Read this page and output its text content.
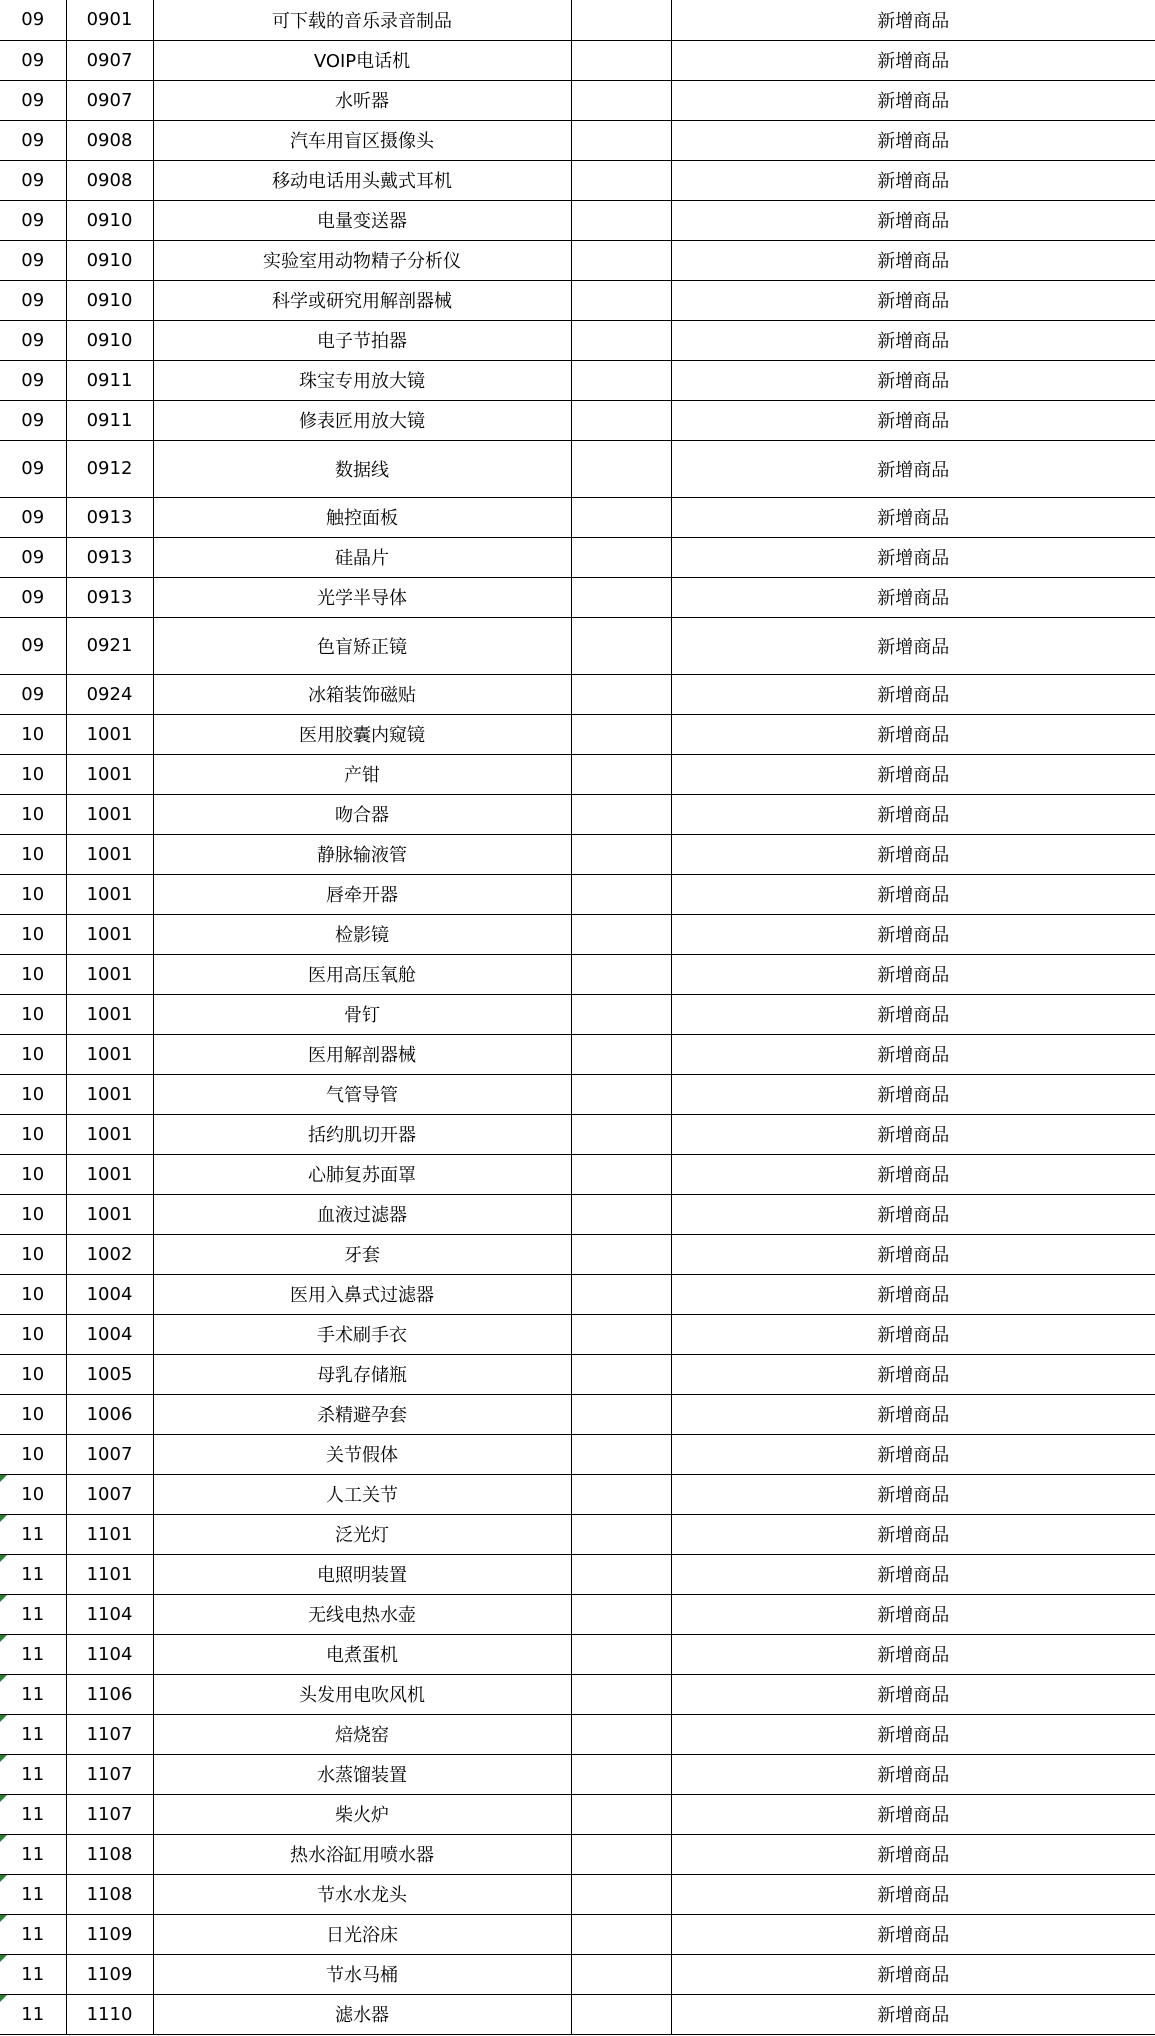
09	0901	可下载的音乐录音制品		新增商品
09	0907	VOIP电话机		新增商品
09	0907	水听器		新增商品
09	0908	汽车用盲区摄像头		新增商品
09	0908	移动电话用头戴式耳机		新增商品
09	0910	电量变送器		新增商品
09	0910	实验室用动物精子分析仪		新增商品
09	0910	科学或研究用解剖器械		新增商品
09	0910	电子节拍器		新增商品
09	0911	珠宝专用放大镜		新增商品
09	0911	修表匠用放大镜		新增商品
09	0912	数据线		新增商品
09	0913	触控面板		新增商品
09	0913	硅晶片		新增商品
09	0913	光学半导体		新增商品
09	0921	色盲矫正镜		新增商品
09	0924	冰箱装饰磁贴		新增商品
10	1001	医用胶囊内窥镜		新增商品
10	1001	产钳		新增商品
10	1001	吻合器		新增商品
10	1001	静脉输液管		新增商品
10	1001	唇牵开器		新增商品
10	1001	检影镜		新增商品
10	1001	医用高压氧舱		新增商品
10	1001	骨钉		新增商品
10	1001	医用解剖器械		新增商品
10	1001	气管导管		新增商品
10	1001	括约肌切开器		新增商品
10	1001	心肺复苏面罩		新增商品
10	1001	血液过滤器		新增商品
10	1002	牙套		新增商品
10	1004	医用入鼻式过滤器		新增商品
10	1004	手术刷手衣		新增商品
10	1005	母乳存储瓶		新增商品
10	1006	杀精避孕套		新增商品
10	1007	关节假体		新增商品

10	1007	人工关节		新增商品

11	1101	泛光灯		新增商品

11	1101	电照明装置		新增商品

11	1104	无线电热水壶		新增商品

11	1104	电煮蛋机		新增商品

11	1106	头发用电吹风机		新增商品

11	1107	焙烧窑		新增商品

11	1107	水蒸馏装置		新增商品

11	1107	柴火炉		新增商品

11	1108	热水浴缸用喷水器		新增商品

11	1108	节水水龙头		新增商品

11	1109	日光浴床		新增商品

11	1109	节水马桶		新增商品

11	1110	滤水器		新增商品
